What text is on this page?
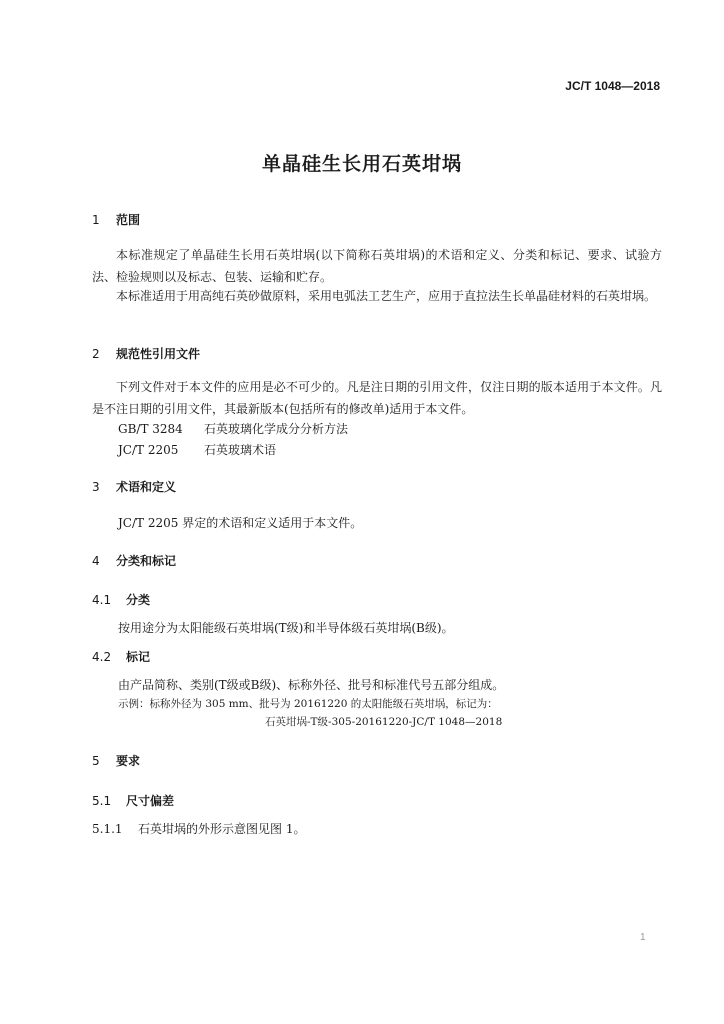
JC/T 1048—2018
单晶硅生长用石英坩埚
1 范围

本标准规定了单晶硅生长用石英坩埚(以下简称石英坩埚)的术语和定义、分类和标记、要求、试验方法、检验规则以及标志、包装、运输和贮存。

本标准适用于用高纯石英砂做原料，采用电弧法工艺生产，应用于直拉法生长单晶硅材料的石英坩埚。

2 规范性引用文件

下列文件对于本文件的应用是必不可少的。凡是注日期的引用文件，仅注日期的版本适用于本文件。凡是不注日期的引用文件，其最新版本(包括所有的修改单)适用于本文件。

GB/T 3284 石英玻璃化学成分分析方法
JC/T 2205 石英玻璃术语
3 术语和定义
JC/T 2205 界定的术语和定义适用于本文件。
4 分类和标记
4.1 分类
按用途分为太阳能级石英坩埚(T级)和半导体级石英坩埚(B级)。
4.2 标记
由产品简称、类别(T级或B级)、标称外径、批号和标准代号五部分组成。
示例：标称外径为 305 mm、批号为 20161220 的太阳能级石英坩埚，标记为：
石英坩埚-T级-305-20161220-JC/T 1048—2018
5 要求
5.1 尺寸偏差
5.1.1 石英坩埚的外形示意图见图 1。
1
